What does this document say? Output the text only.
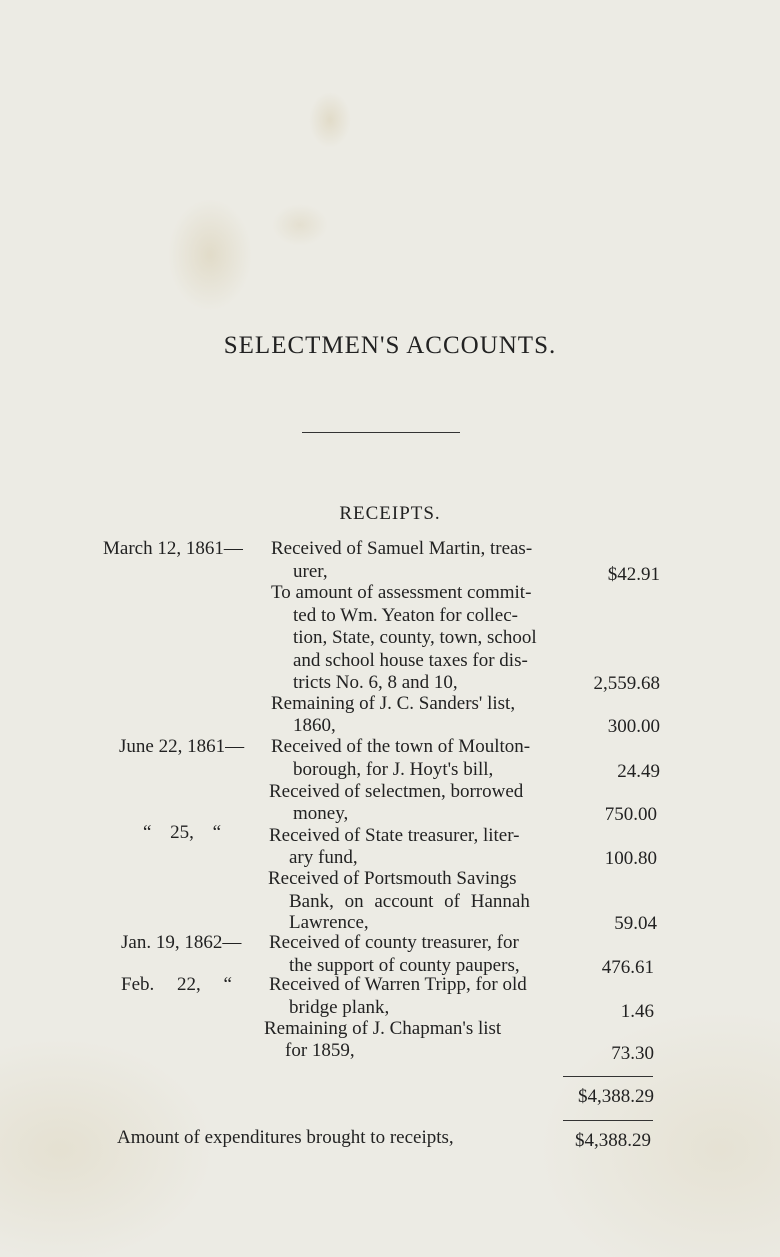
SELECTMEN'S ACCOUNTS.
RECEIPTS.
March 12, 1861— Received of Samuel Martin, treas-
urer,	$42.91
To amount of assessment commit-
ted to Wm. Yeaton for collec-
tion, State, county, town, school
and school house taxes for dis-
tricts No. 6, 8 and 10,	2,559.68
Remaining of J. C. Sanders' list,
1860,	300.00
June 22, 1861— Received of the town of Moulton-
borough, for J. Hoyt's bill,	24.49
Received of selectmen, borrowed
money,	750.00
“ 25, “	Received of State treasurer, liter-
ary fund,	100.80
Received of Portsmouth Savings
Bank, on account of Hannah
Lawrence,	59.04
Jan. 19, 1862— Received of county treasurer, for
the support of county paupers,	476.61
Feb. 22, “ Received of Warren Tripp, for old
bridge plank,	1.46
Remaining of J. Chapman's list
for 1859,	73.30
$4,388.29
Amount of expenditures brought to receipts,	$4,388.29
